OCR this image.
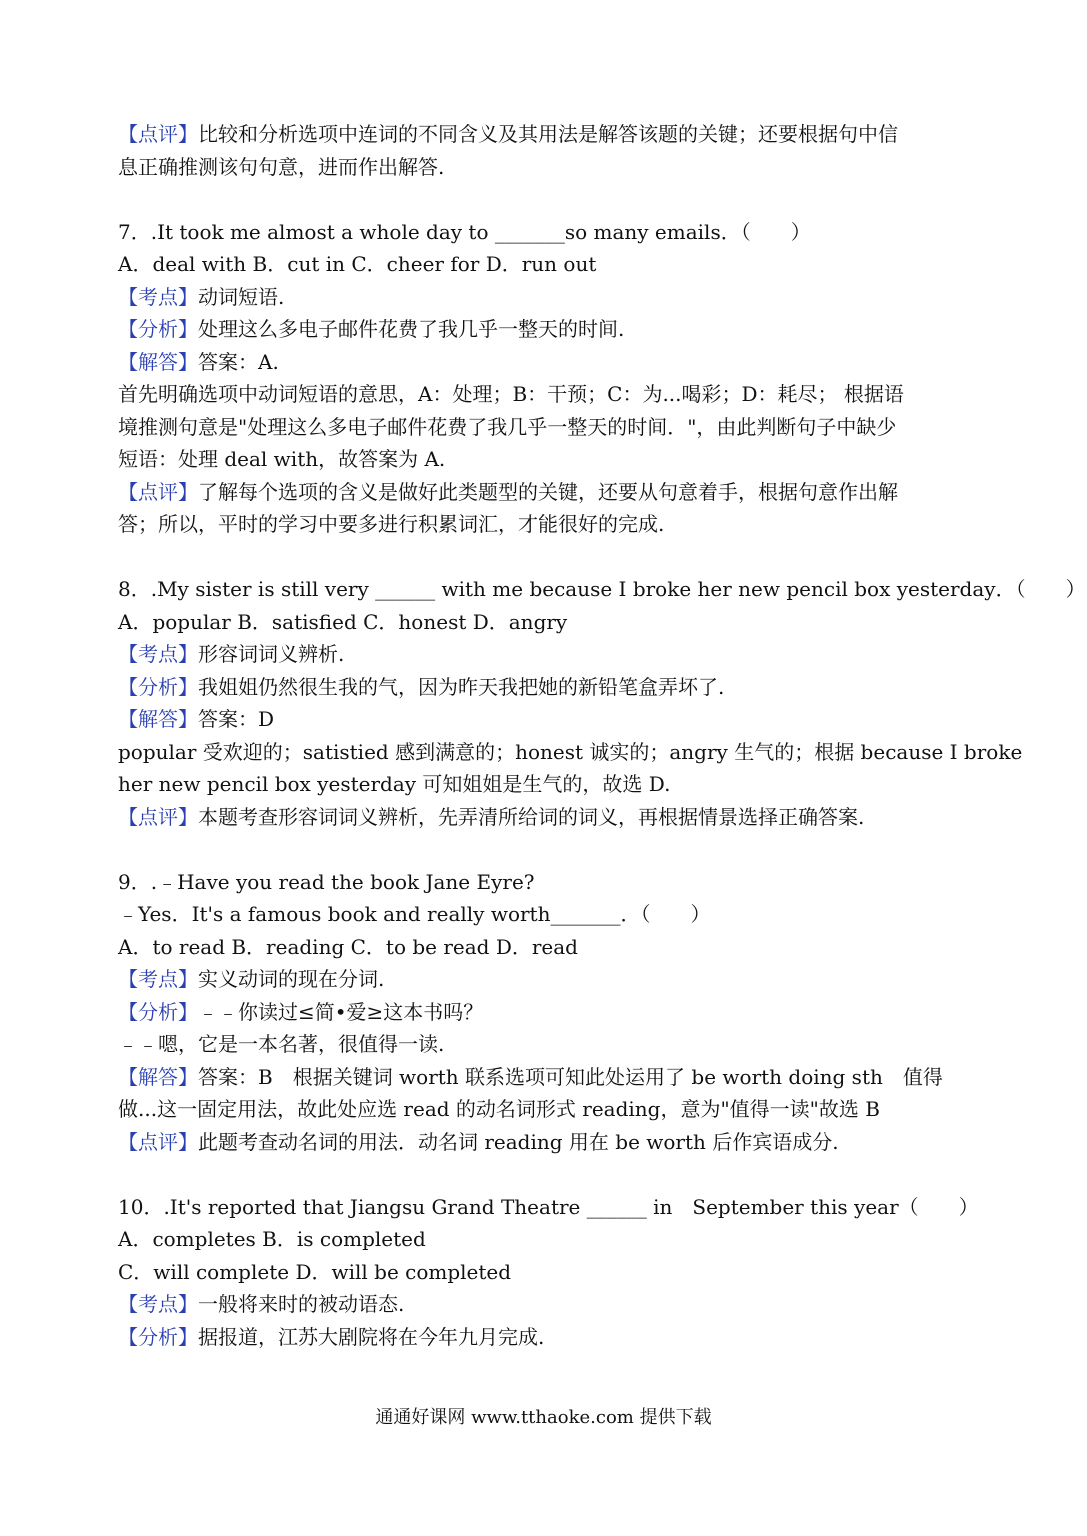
【点评】比较和分析选项中连词的不同含义及其用法是解答该题的关键；还要根据句中信
息正确推测该句句意，进而作出解答.
7．.It took me almost a whole day to _______so many emails．（　　）
A．deal with B．cut in C．cheer for D．run out
【考点】动词短语.
【分析】处理这么多电子邮件花费了我几乎一整天的时间.
【解答】答案：A.
首先明确选项中动词短语的意思，A：处理；B：干预；C：为...喝彩；D：耗尽； 根据语
境推测句意是"处理这么多电子邮件花费了我几乎一整天的时间．"，由此判断句子中缺少
短语：处理 deal with，故答案为 A.
【点评】了解每个选项的含义是做好此类题型的关键，还要从句意着手，根据句意作出解
答；所以，平时的学习中要多进行积累词汇，才能很好的完成.
8．.My sister is still very ______ with me because I broke her new pencil box yesterday．（　　）
A．popular B．satisfied C．honest D．angry
【考点】形容词词义辨析.
【分析】我姐姐仍然很生我的气，因为昨天我把她的新铅笔盒弄坏了.
【解答】答案：D
popular 受欢迎的；satistied 感到满意的；honest 诚实的；angry 生气的；根据 because I broke
her new pencil box yesterday 可知姐姐是生气的，故选 D.
【点评】本题考查形容词词义辨析，先弄清所给词的词义，再根据情景选择正确答案.
9．.﹣Have you read the book Jane Eyre?
﹣Yes．It's a famous book and really worth_______．（　　）
A．to read B．reading C．to be read D．read
【考点】实义动词的现在分词.
【分析】﹣﹣你读过≤简•爱≥这本书吗？
﹣﹣嗯，它是一本名著，很值得一读.
【解答】答案：B　根据关键词 worth 联系选项可知此处运用了 be worth doing sth　值得
做...这一固定用法，故此处应选 read 的动名词形式 reading，意为"值得一读"故选 B
【点评】此题考查动名词的用法．动名词 reading 用在 be worth 后作宾语成分.
10．.It's reported that Jiangsu Grand Theatre ______ in　September this year（　　）
A．completes B．is completed
C．will complete D．will be completed
【考点】一般将来时的被动语态.
【分析】据报道，江苏大剧院将在今年九月完成.
通通好课网 www.tthaoke.com 提供下载
